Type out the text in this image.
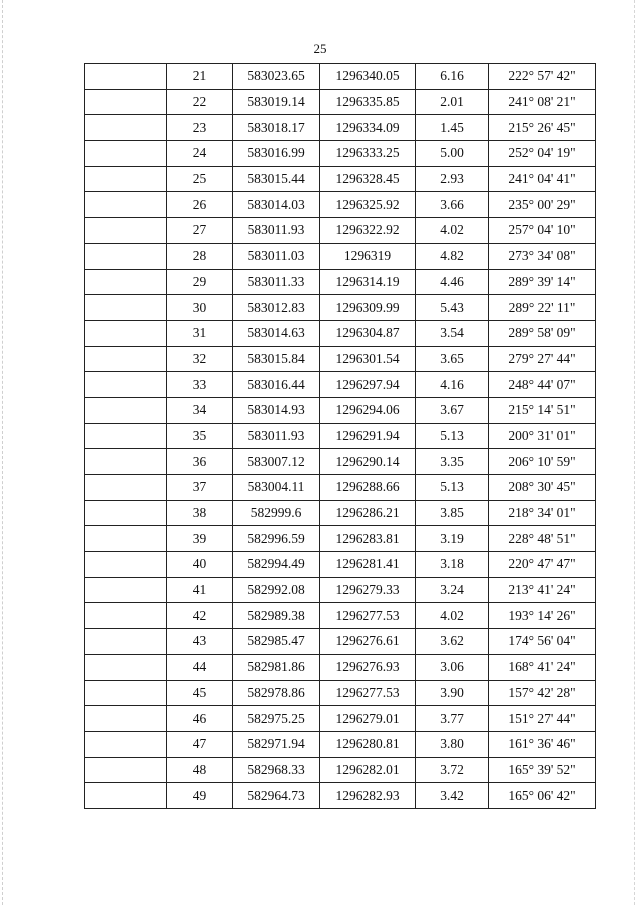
25
	21	583023.65	1296340.05	6.16	222° 57' 42"
	22	583019.14	1296335.85	2.01	241° 08' 21"
	23	583018.17	1296334.09	1.45	215° 26' 45"
	24	583016.99	1296333.25	5.00	252° 04' 19"
	25	583015.44	1296328.45	2.93	241° 04' 41"
	26	583014.03	1296325.92	3.66	235° 00' 29"
	27	583011.93	1296322.92	4.02	257° 04' 10"
	28	583011.03	1296319	4.82	273° 34' 08"
	29	583011.33	1296314.19	4.46	289° 39' 14"
	30	583012.83	1296309.99	5.43	289° 22' 11"
	31	583014.63	1296304.87	3.54	289° 58' 09"
	32	583015.84	1296301.54	3.65	279° 27' 44"
	33	583016.44	1296297.94	4.16	248° 44' 07"
	34	583014.93	1296294.06	3.67	215° 14' 51"
	35	583011.93	1296291.94	5.13	200° 31' 01"
	36	583007.12	1296290.14	3.35	206° 10' 59"
	37	583004.11	1296288.66	5.13	208° 30' 45"
	38	582999.6	1296286.21	3.85	218° 34' 01"
	39	582996.59	1296283.81	3.19	228° 48' 51"
	40	582994.49	1296281.41	3.18	220° 47' 47"
	41	582992.08	1296279.33	3.24	213° 41' 24"
	42	582989.38	1296277.53	4.02	193° 14' 26"
	43	582985.47	1296276.61	3.62	174° 56' 04"
	44	582981.86	1296276.93	3.06	168° 41' 24"
	45	582978.86	1296277.53	3.90	157° 42' 28"
	46	582975.25	1296279.01	3.77	151° 27' 44"
	47	582971.94	1296280.81	3.80	161° 36' 46"
	48	582968.33	1296282.01	3.72	165° 39' 52"
	49	582964.73	1296282.93	3.42	165° 06' 42"
